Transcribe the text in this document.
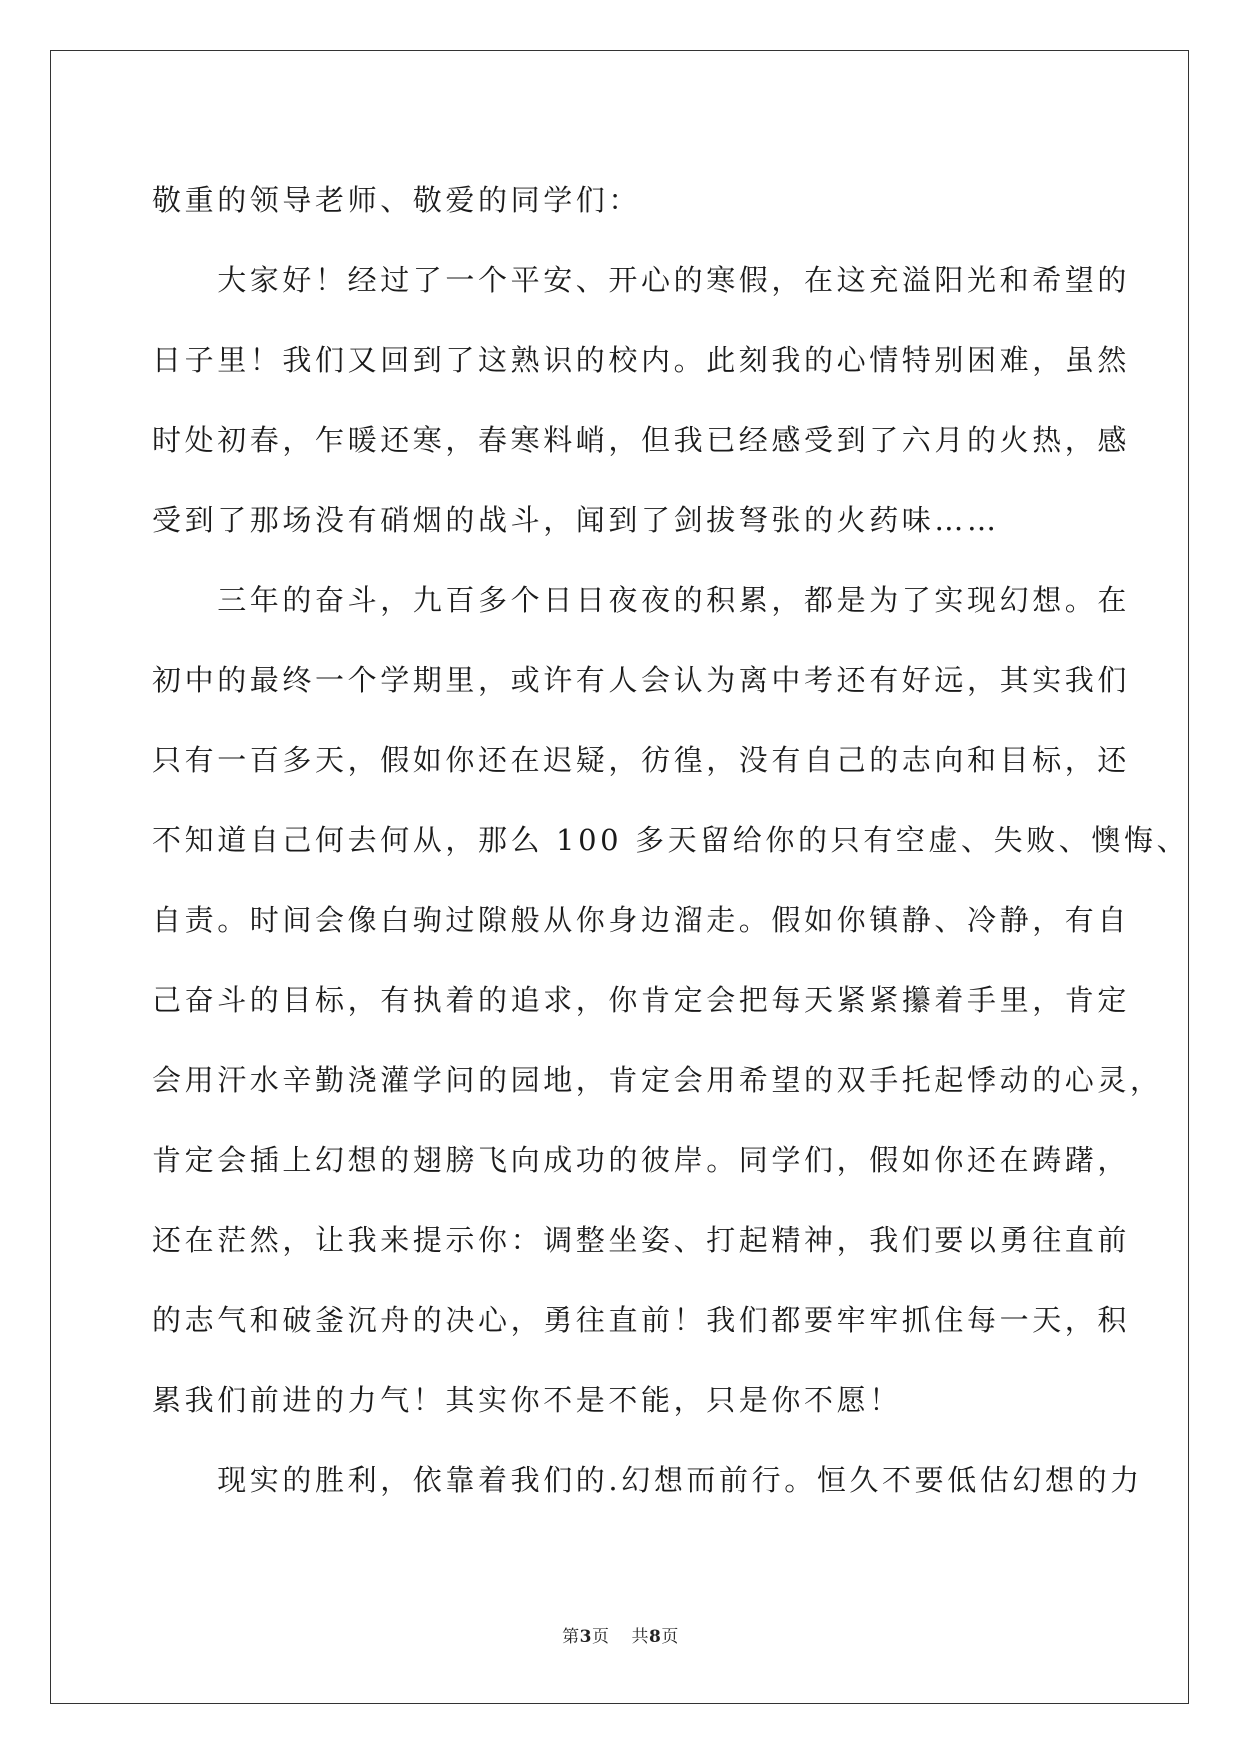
敬重的领导老师、敬爱的同学们：
　　大家好！经过了一个平安、开心的寒假，在这充溢阳光和希望的
日子里！我们又回到了这熟识的校内。此刻我的心情特别困难，虽然
时处初春，乍暖还寒，春寒料峭，但我已经感受到了六月的火热，感
受到了那场没有硝烟的战斗，闻到了剑拔弩张的火药味……
　　三年的奋斗，九百多个日日夜夜的积累，都是为了实现幻想。在
初中的最终一个学期里，或许有人会认为离中考还有好远，其实我们
只有一百多天，假如你还在迟疑，彷徨，没有自己的志向和目标，还
不知道自己何去何从，那么 100 多天留给你的只有空虚、失败、懊悔、
自责。时间会像白驹过隙般从你身边溜走。假如你镇静、冷静，有自
己奋斗的目标，有执着的追求，你肯定会把每天紧紧攥着手里，肯定
会用汗水辛勤浇灌学问的园地，肯定会用希望的双手托起悸动的心灵，
肯定会插上幻想的翅膀飞向成功的彼岸。同学们，假如你还在踌躇，
还在茫然，让我来提示你：调整坐姿、打起精神，我们要以勇往直前
的志气和破釜沉舟的决心，勇往直前！我们都要牢牢抓住每一天，积
累我们前进的力气！其实你不是不能，只是你不愿！
　　现实的胜利，依靠着我们的.幻想而前行。恒久不要低估幻想的力
第3页 共8页
